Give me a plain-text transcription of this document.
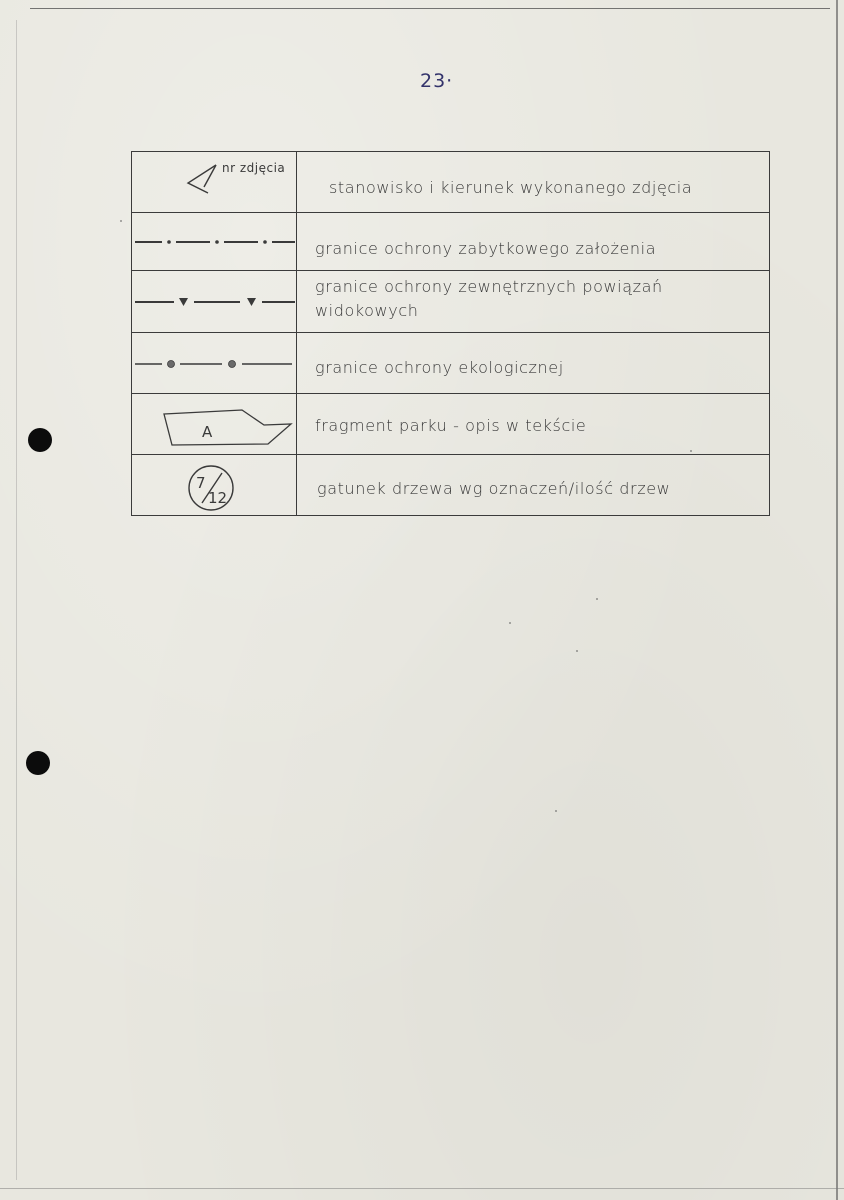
23·
nr zdjęcia
stanowisko i kierunek wykonanego zdjęcia
granice ochrony zabytkowego założenia
granice ochrony zewnętrznych powiązań
widokowych
granice ochrony ekologicznej
A	fragment parku - opis w tekście
7
12
gatunek drzewa wg oznaczeń/ilość drzew
